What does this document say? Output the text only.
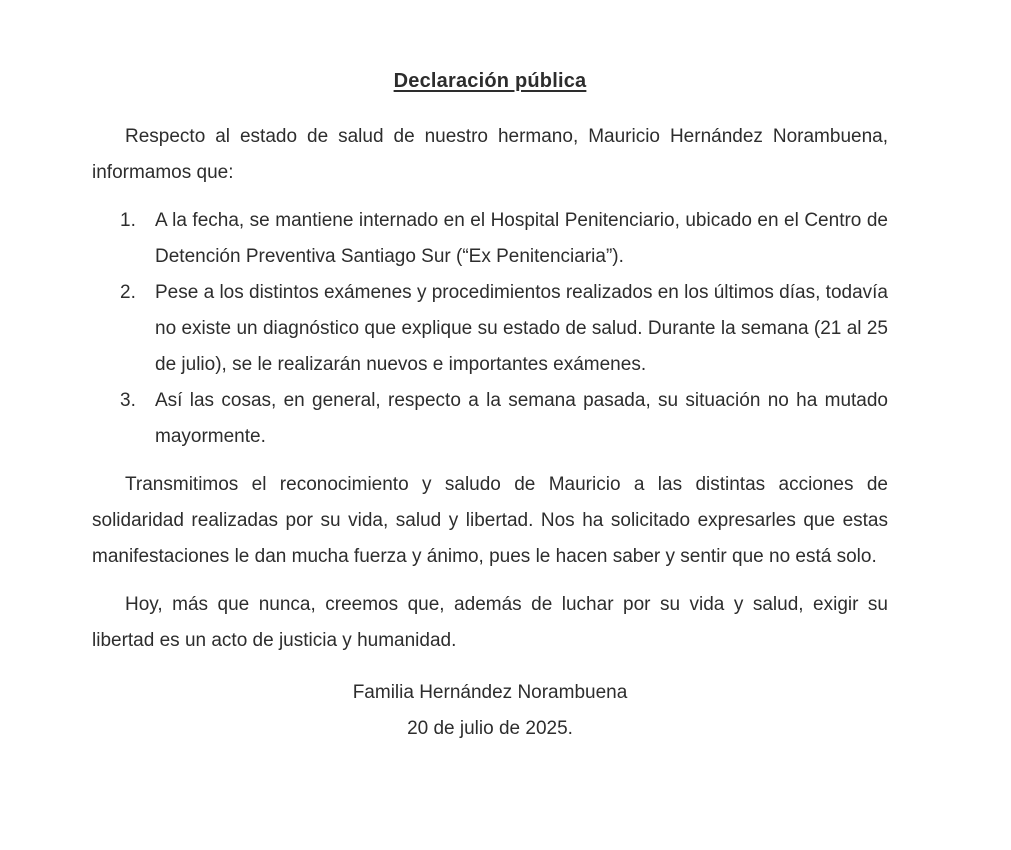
Declaración pública

Respecto al estado de salud de nuestro hermano, Mauricio Hernández Norambuena, informamos que:

1.	A la fecha, se mantiene internado en el Hospital Penitenciario, ubicado en el Centro de Detención Preventiva Santiago Sur (“Ex Penitenciaria”).
2.	Pese a los distintos exámenes y procedimientos realizados en los últimos días, todavía no existe un diagnóstico que explique su estado de salud. Durante la semana (21 al 25 de julio), se le realizarán nuevos e importantes exámenes.
3.	Así las cosas, en general, respecto a la semana pasada, su situación no ha mutado mayormente.

Transmitimos el reconocimiento y saludo de Mauricio a las distintas acciones de solidaridad realizadas por su vida, salud y libertad. Nos ha solicitado expresarles que estas manifestaciones le dan mucha fuerza y ánimo, pues le hacen saber y sentir que no está solo.

Hoy, más que nunca, creemos que, además de luchar por su vida y salud, exigir su libertad es un acto de justicia y humanidad.

Familia Hernández Norambuena
20 de julio de 2025.
